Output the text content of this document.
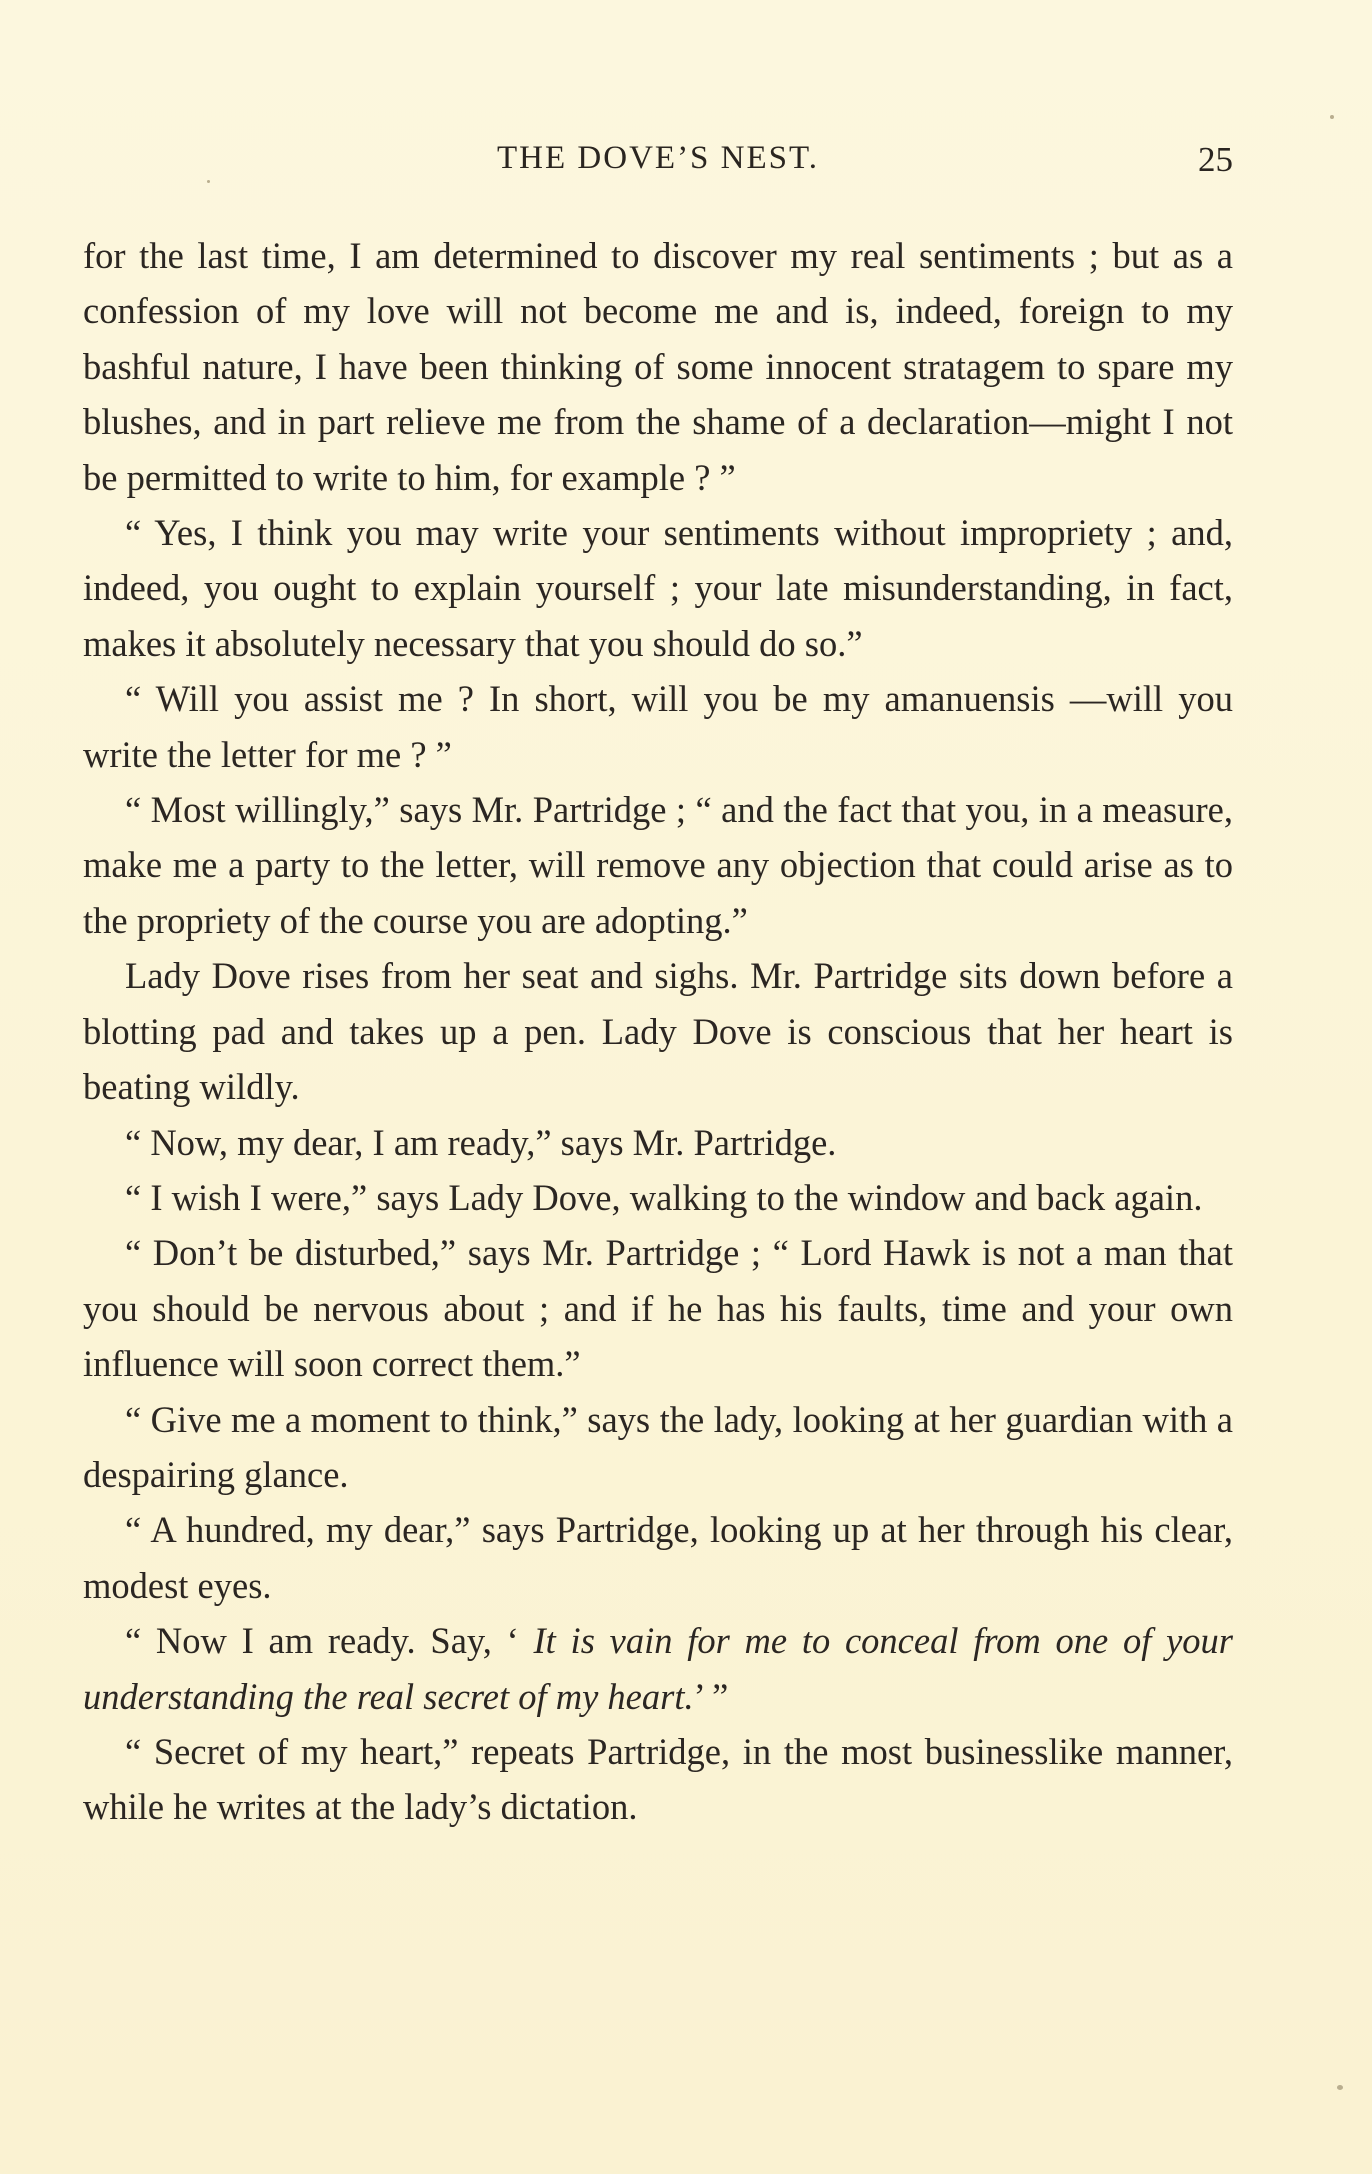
THE DOVE’S NEST.	25

for the last time, I am determined to discover my real sentiments ; but as a confession of my love will not become me and is, indeed, foreign to my bashful nature, I have been thinking of some innocent stratagem to spare my blushes, and in part relieve me from the shame of a declaration—might I not be permitted to write to him, for example ? ”

“ Yes, I think you may write your sentiments without impropriety ; and, indeed, you ought to explain yourself ; your late misunderstanding, in fact, makes it absolutely necessary that you should do so.”

“ Will you assist me ? In short, will you be my amanuensis —will you write the letter for me ? ”

“ Most willingly,” says Mr. Partridge ; “ and the fact that you, in a measure, make me a party to the letter, will remove any objection that could arise as to the propriety of the course you are adopting.”

Lady Dove rises from her seat and sighs. Mr. Partridge sits down before a blotting pad and takes up a pen. Lady Dove is conscious that her heart is beating wildly.

“ Now, my dear, I am ready,” says Mr. Partridge.

“ I wish I were,” says Lady Dove, walking to the window and back again.

“ Don’t be disturbed,” says Mr. Partridge ; “ Lord Hawk is not a man that you should be nervous about ; and if he has his faults, time and your own influence will soon correct them.”

“ Give me a moment to think,” says the lady, looking at her guardian with a despairing glance.

“ A hundred, my dear,” says Partridge, looking up at her through his clear, modest eyes.

“ Now I am ready. Say, ‘ It is vain for me to conceal from one of your understanding the real secret of my heart.’ ”

“ Secret of my heart,” repeats Partridge, in the most businesslike manner, while he writes at the lady’s dictation.
